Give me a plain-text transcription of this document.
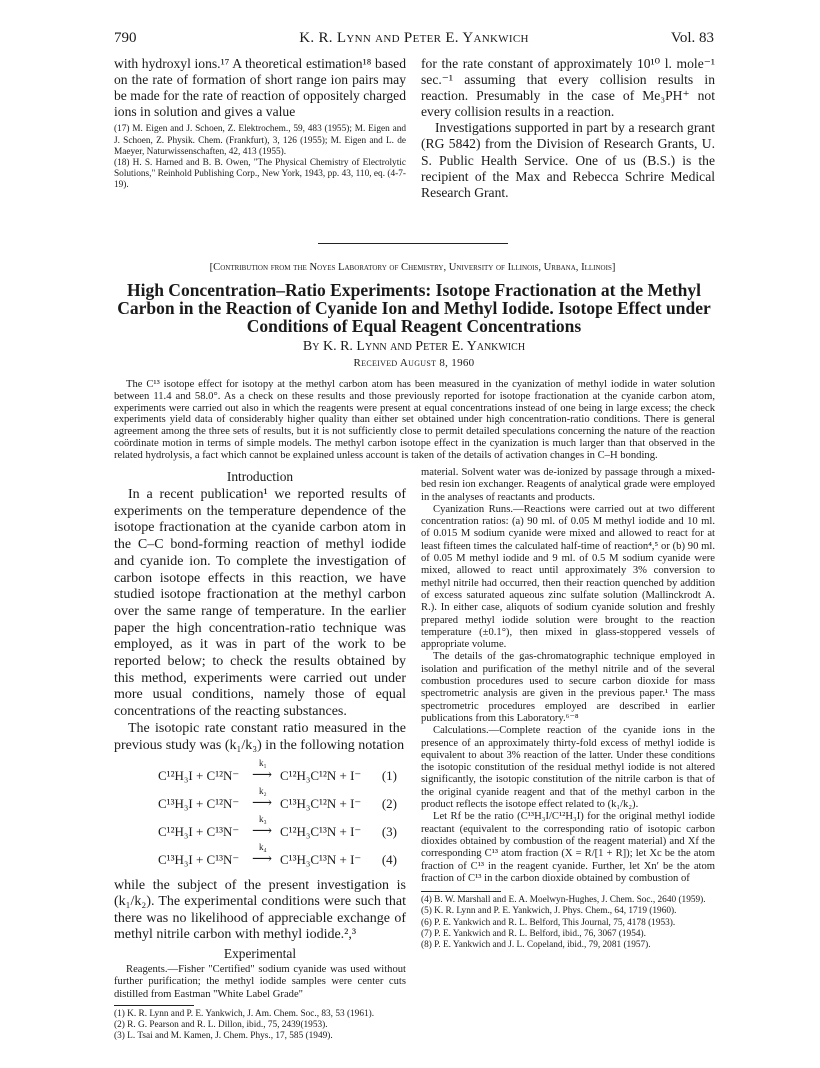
790	K. R. Lynn and Peter E. Yankwich	Vol. 83

with hydroxyl ions.¹⁷ A theoretical estimation¹⁸ based on the rate of formation of short range ion pairs may be made for the rate of reaction of oppositely charged ions in solution and gives a value

(17) M. Eigen and J. Schoen, Z. Elektrochem., 59, 483 (1955); M. Eigen and J. Schoen, Z. Physik. Chem. (Frankfurt), 3, 126 (1955); M. Eigen and L. de Maeyer, Naturwissenschaften, 42, 413 (1955).
(18) H. S. Harned and B. B. Owen, "The Physical Chemistry of Electrolytic Solutions," Reinhold Publishing Corp., New York, 1943, pp. 43, 110, eq. (4-7-19).

for the rate constant of approximately 10¹⁰ l. mole⁻¹ sec.⁻¹ assuming that every collision results in reaction. Presumably in the case of Me₃PH⁺ not every collision results in a reaction.

Investigations supported in part by a research grant (RG 5842) from the Division of Research Grants, U. S. Public Health Service. One of us (B.S.) is the recipient of the Max and Rebecca Schrire Medical Research Grant.

[Contribution from the Noyes Laboratory of Chemistry, University of Illinois, Urbana, Illinois]
High Concentration–Ratio Experiments: Isotope Fractionation at the Methyl Carbon in the Reaction of Cyanide Ion and Methyl Iodide. Isotope Effect under Conditions of Equal Reagent Concentrations
By K. R. Lynn and Peter E. Yankwich
Received August 8, 1960
The C¹³ isotope effect for isotopy at the methyl carbon atom has been measured in the cyanization of methyl iodide in water solution between 11.4 and 58.0°. As a check on these results and those previously reported for isotope fractionation at the cyanide carbon atom, experiments were carried out also in which the reagents were present at equal concentrations instead of one being in large excess; the check experiments yield data of considerably higher quality than either set obtained under high concentration-ratio conditions. There is general agreement among the three sets of results, but it is not sufficiently close to permit detailed speculations concerning the nature of the reaction coördinate motion in terms of simple models. The methyl carbon isotope effect in the cyanization is much larger than that observed in the related hydrolysis, a fact which cannot be explained unless account is taken of the details of activation changes in C–H bonding.
Introduction

In a recent publication¹ we reported results of experiments on the temperature dependence of the isotope fractionation at the cyanide carbon atom in the C–C bond-forming reaction of methyl iodide and cyanide ion. To complete the investigation of carbon isotope effects in this reaction, we have studied isotope fractionation at the methyl carbon over the same range of temperature. In the earlier paper the high concentration-ratio technique was employed, as it was in part of the work to be reported below; to check the results obtained by this method, experiments were carried out under more usual conditions, namely those of equal concentrations of the reacting substances.

The isotopic rate constant ratio measured in the previous study was (k₁/k₃) in the following notation

C¹²H₃I + C¹²N⁻
k₁
⟶ C¹²H₃C¹²N + I⁻ (1)
C¹³H₃I + C¹²N⁻
k₂
⟶ C¹³H₃C¹²N + I⁻ (2)
C¹²H₃I + C¹³N⁻
k₃
⟶ C¹²H₃C¹³N + I⁻ (3)
C¹³H₃I + C¹³N⁻
k₄
⟶ C¹³H₃C¹³N + I⁻ (4)

while the subject of the present investigation is (k₁/k₂). The experimental conditions were such that there was no likelihood of appreciable exchange of methyl nitrile carbon with methyl iodide.²,³

Experimental

Reagents.—Fisher "Certified" sodium cyanide was used without further purification; the methyl iodide samples were center cuts distilled from Eastman "White Label Grade"

(1) K. R. Lynn and P. E. Yankwich, J. Am. Chem. Soc., 83, 53 (1961).
(2) R. G. Pearson and R. L. Dillon, ibid., 75, 2439(1953).
(3) L. Tsai and M. Kamen, J. Chem. Phys., 17, 585 (1949).

material. Solvent water was de-ionized by passage through a mixed-bed resin ion exchanger. Reagents of analytical grade were employed in the analyses of reactants and products.

Cyanization Runs.—Reactions were carried out at two different concentration ratios: (a) 90 ml. of 0.05 M methyl iodide and 10 ml. of 0.015 M sodium cyanide were mixed and allowed to react for at least fifteen times the calculated half-time of reaction⁴,⁵ or (b) 90 ml. of 0.05 M methyl iodide and 9 ml. of 0.5 M sodium cyanide were mixed, allowed to react until approximately 3% conversion to methyl nitrile had occurred, then their reaction quenched by addition of excess saturated aqueous zinc sulfate solution (Mallinckrodt A. R.). In either case, aliquots of sodium cyanide solution and freshly prepared methyl iodide solution were brought to the reaction temperature (±0.1°), then mixed in glass-stoppered vessels of appropriate volume.

The details of the gas-chromatographic technique employed in isolation and purification of the methyl nitrile and of the several combustion procedures used to secure carbon dioxide for mass spectrometric analysis are given in the previous paper.¹ The mass spectrometric procedures employed are described in earlier publications from this Laboratory.⁶⁻⁸

Calculations.—Complete reaction of the cyanide ions in the presence of an approximately thirty-fold excess of methyl iodide is equivalent to about 3% reaction of the latter. Under these conditions the isotopic constitution of the residual methyl iodide is not altered significantly, the isotopic constitution of the nitrile carbon is that of the original cyanide reagent and that of the methyl carbon in the product reflects the isotope effect related to (k₁/k₂).

Let Rf be the ratio (C¹³H₃I/C¹²H₃I) for the original methyl iodide reactant (equivalent to the corresponding ratio of isotopic carbon dioxides obtained by combustion of the reagent material) and Xf the corresponding C¹³ atom fraction (X = R/[1 + R]); let Xc be the atom fraction of C¹³ in the reagent cyanide. Further, let Xn′ be the atom fraction of C¹³ in the carbon dioxide obtained by combustion of

(4) B. W. Marshall and E. A. Moelwyn-Hughes, J. Chem. Soc., 2640 (1959).
(5) K. R. Lynn and P. E. Yankwich, J. Phys. Chem., 64, 1719 (1960).
(6) P. E. Yankwich and R. L. Belford, This Journal, 75, 4178 (1953).
(7) P. E. Yankwich and R. L. Belford, ibid., 76, 3067 (1954).
(8) P. E. Yankwich and J. L. Copeland, ibid., 79, 2081 (1957).
